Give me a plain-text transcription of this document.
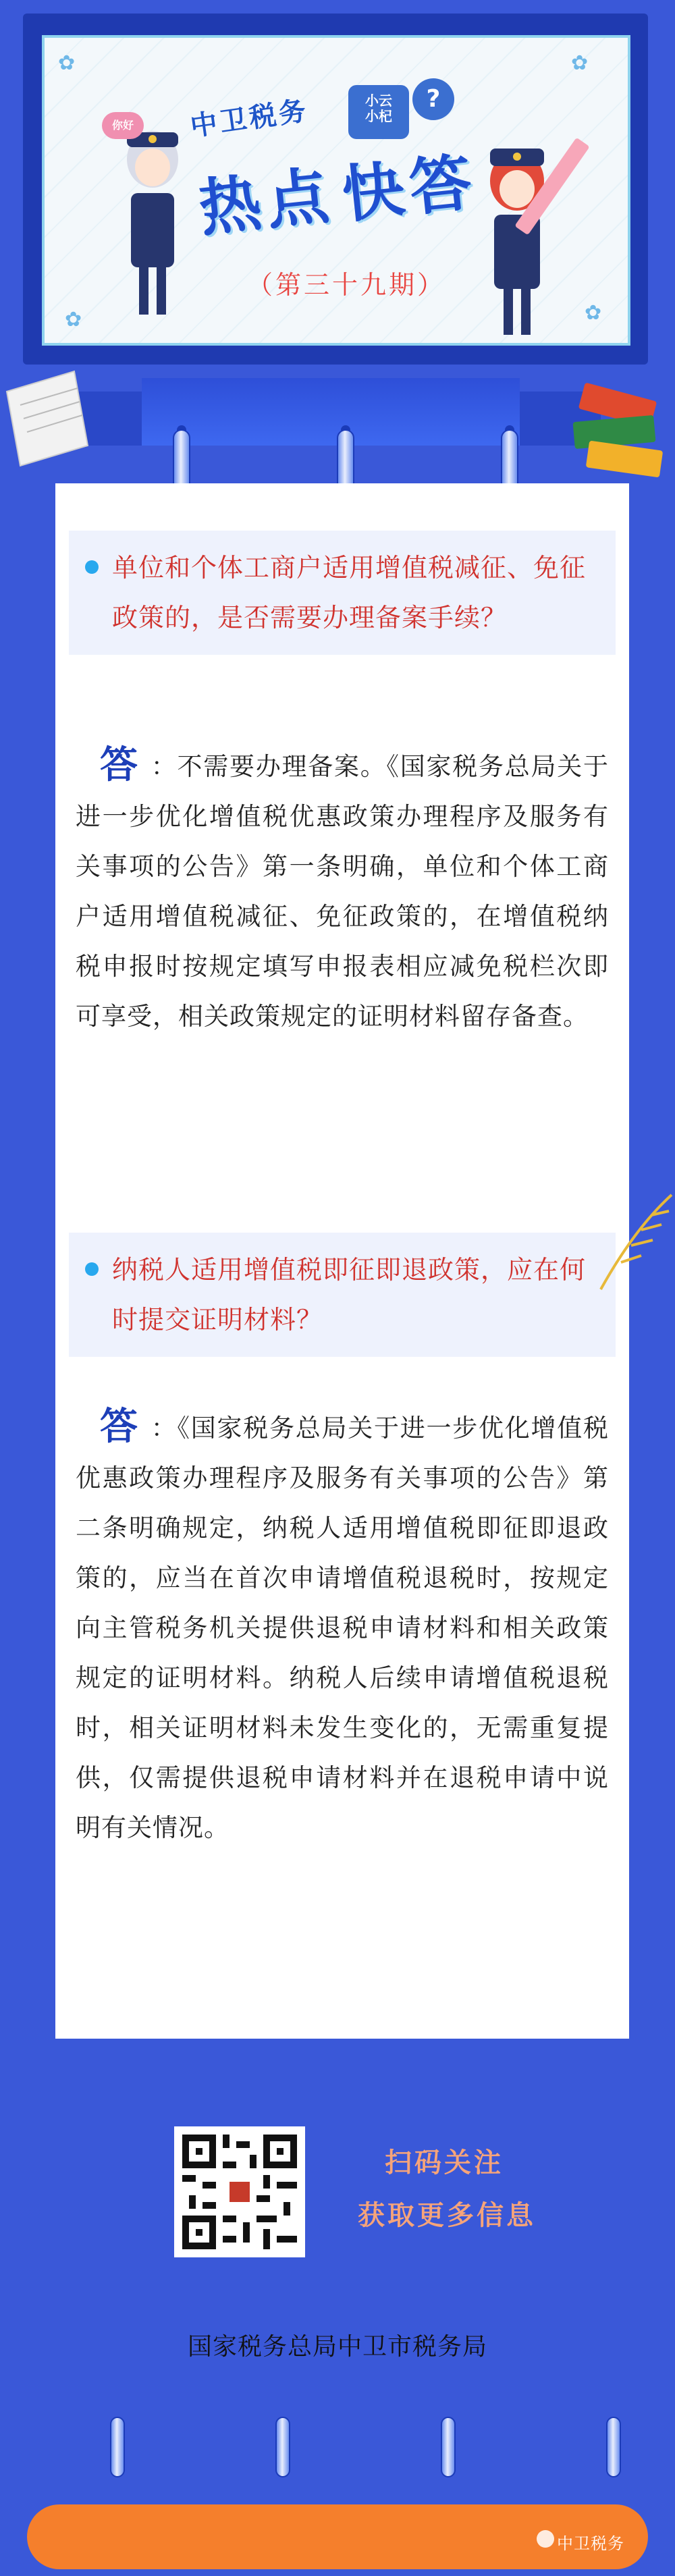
✿	✿
✿	✿
你好
小云
小杞
?
中卫税务
热点 快答
（第三十九期）
单位和个体工商户适用增值税减征、免征政策的，是否需要办理备案手续？
答 ：不需要办理备案。《国家税务总局关于进一步优化增值税优惠政策办理程序及服务有关事项的公告》第一条明确，单位和个体工商户适用增值税减征、免征政策的，在增值税纳税申报时按规定填写申报表相应减免税栏次即可享受，相关政策规定的证明材料留存备查。
纳税人适用增值税即征即退政策，应在何时提交证明材料？
答 ：《国家税务总局关于进一步优化增值税优惠政策办理程序及服务有关事项的公告》第二条明确规定，纳税人适用增值税即征即退政策的，应当在首次申请增值税退税时，按规定向主管税务机关提供退税申请材料和相关政策规定的证明材料。纳税人后续申请增值税退税时，相关证明材料未发生变化的，无需重复提供，仅需提供退税申请材料并在退税申请中说明有关情况。
扫码关注
获取更多信息
国家税务总局中卫市税务局
中卫税务
